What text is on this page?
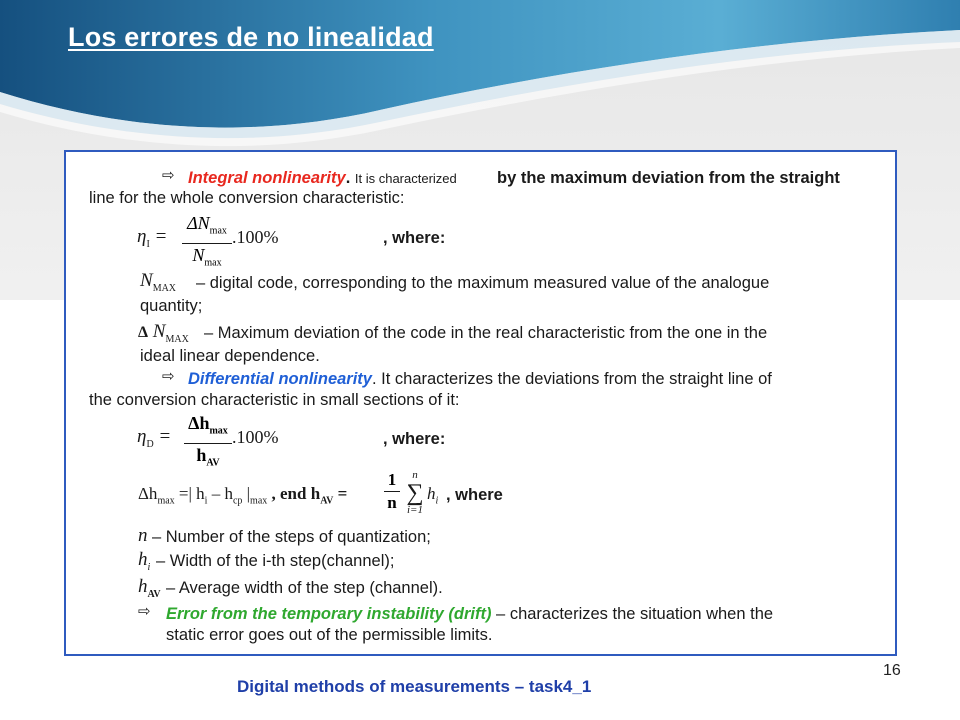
Los errores de no linealidad
⇨ Integral nonlinearity. It is characterized by the maximum deviation from the straight
line for the whole conversion characteristic:
$\eta_I$ =
$\Delta N_{max}$
$N_{max}$
.100%	, where:
$N_{MAX}$ – digital code, corresponding to the maximum measured value of the analogue
quantity;
Δ $N_{MAX}$ – Maximum deviation of the code in the real characteristic from the one in the
ideal linear dependence.
⇨ Differential nonlinearity. It characterizes the deviations from the straight line of
the conversion characteristic in small sections of it:
$\eta_D$ =
$\Delta h_{max}$
$h_{AV}$
.100%	, where:
$\Delta h_{max}$ =| $h_i - h_{cp}$ $|_{max}$ , end $h_{AV}$ =
1
n
n
∑
i=1
$h_i$ , where
n – Number of the steps of quantization;
$h_i$ – Width of the i-th step(channel);
$h_{AV}$ – Average width of the step (channel).
⇨ Error from the temporary instability (drift) – characterizes the situation when the
static error goes out of the permissible limits.
16
Digital methods of measurements – task4_1
